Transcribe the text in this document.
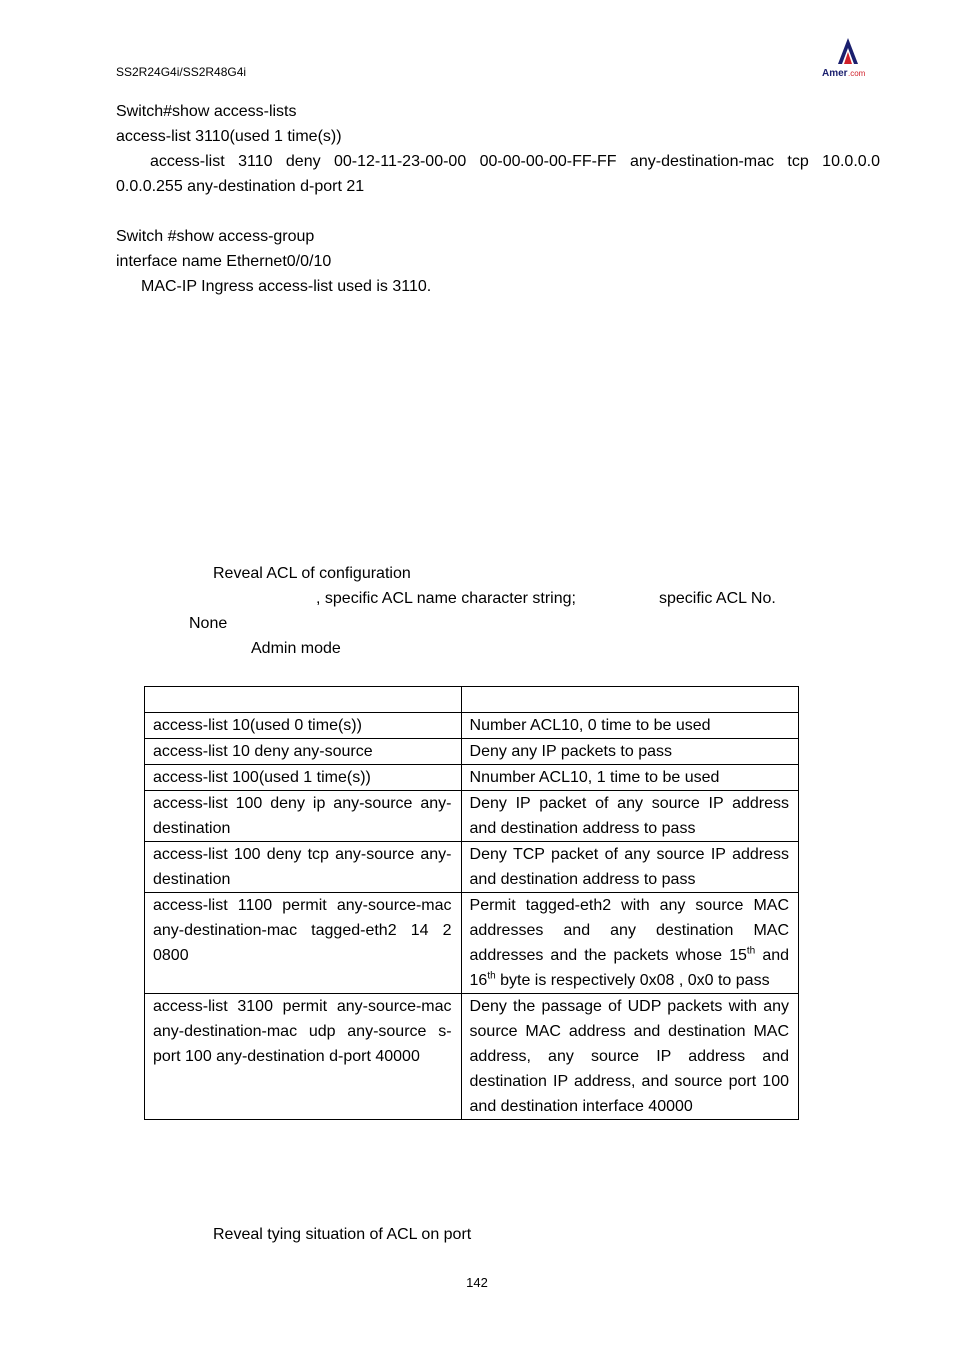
SS2R24G4i/SS2R48G4i	Amer .com
Switch#show access-lists
access-list 3110(used 1 time(s))
access-list 3110 deny 00-12-11-23-00-00 00-00-00-00-FF-FF any-destination-mac tcp 10.0.0.0
0.0.0.255 any-destination d-port 21
Switch #show access-group
interface name Ethernet0/0/10
MAC-IP Ingress access-list used is 3110.
Reveal ACL of configuration
, specific ACL name character string;	specific ACL No.
None
Admin mode

access-list 10(used 0 time(s))	Number ACL10, 0 time to be used
access-list 10 deny any-source	Deny any IP packets to pass
access-list 100(used 1 time(s))	Nnumber ACL10, 1 time to be used
access-list 100 deny ip any-source any-destination	Deny IP packet of any source IP address and destination address to pass
access-list 100 deny tcp any-source any-destination	Deny TCP packet of any source IP address and destination address to pass
access-list 1100 permit any-source-mac any-destination-mac tagged-eth2 14 2 0800	Permit tagged-eth2 with any source MAC addresses and any destination MAC addresses and the packets whose 15th and 16th byte is respectively 0x08 , 0x0 to pass
access-list 3100 permit any-source-mac any-destination-mac udp any-source s-port 100 any-destination d-port 40000	Deny the passage of UDP packets with any source MAC address and destination MAC address, any source IP address and destination IP address, and source port 100 and destination interface 40000
Reveal tying situation of ACL on port
142
